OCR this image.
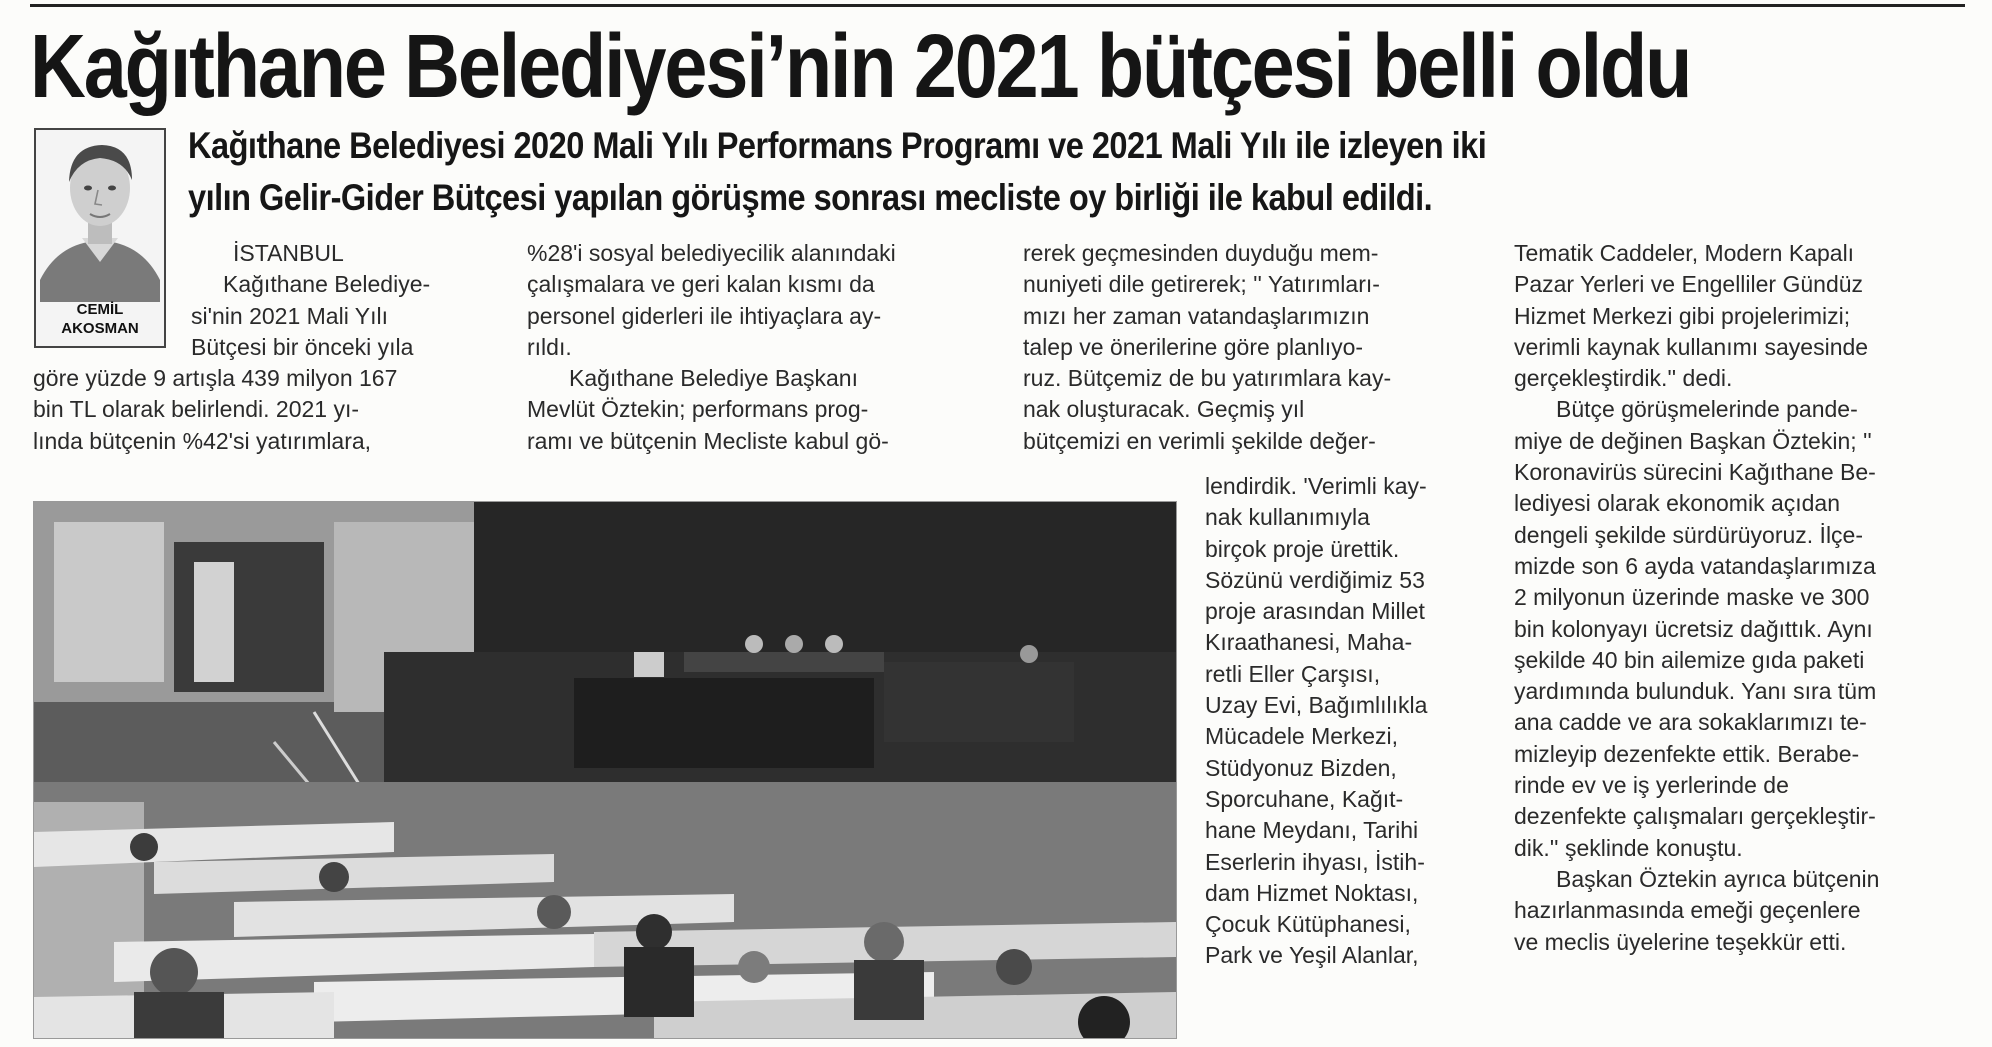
Kağıthane Belediyesi’nin 2021 bütçesi belli oldu
CEMİL
AKOSMAN
Kağıthane Belediyesi 2020 Mali Yılı Performans Programı ve 2021 Mali Yılı ile izleyen iki
yılın Gelir-Gider Bütçesi yapılan görüşme sonrası mecliste oy birliği ile kabul edildi.
İSTANBUL
Kağıthane Belediye-
si'nin 2021 Mali Yılı
Bütçesi bir önceki yıla
göre yüzde 9 artışla 439 milyon 167
bin TL olarak belirlendi. 2021 yı-
lında bütçenin %42'si yatırımlara,
%28'i sosyal belediyecilik alanındaki
çalışmalara ve geri kalan kısmı da
personel giderleri ile ihtiyaçlara ay-
rıldı.
Kağıthane Belediye Başkanı
Mevlüt Öztekin; performans prog-
ramı ve bütçenin Mecliste kabul gö-
rerek geçmesinden duyduğu mem-
nuniyeti dile getirerek; '' Yatırımları-
mızı her zaman vatandaşlarımızın
talep ve önerilerine göre planlıyo-
ruz. Bütçemiz de bu yatırımlara kay-
nak oluşturacak. Geçmiş yıl
bütçemizi en verimli şekilde değer-
lendirdik. 'Verimli kay-
nak kullanımıyla
birçok proje ürettik.
Sözünü verdiğimiz 53
proje arasından Millet
Kıraathanesi, Maha-
retli Eller Çarşısı,
Uzay Evi, Bağımlılıkla
Mücadele Merkezi,
Stüdyonuz Bizden,
Sporcuhane, Kağıt-
hane Meydanı, Tarihi
Eserlerin ihyası, İstih-
dam Hizmet Noktası,
Çocuk Kütüphanesi,
Park ve Yeşil Alanlar,
Tematik Caddeler, Modern Kapalı
Pazar Yerleri ve Engelliler Gündüz
Hizmet Merkezi gibi projelerimizi;
verimli kaynak kullanımı sayesinde
gerçekleştirdik.'' dedi.
Bütçe görüşmelerinde pande-
miye de değinen Başkan Öztekin; ''
Koronavirüs sürecini Kağıthane Be-
lediyesi olarak ekonomik açıdan
dengeli şekilde sürdürüyoruz. İlçe-
mizde son 6 ayda vatandaşlarımıza
2 milyonun üzerinde maske ve 300
bin kolonyayı ücretsiz dağıttık. Aynı
şekilde 40 bin ailemize gıda paketi
yardımında bulunduk. Yanı sıra tüm
ana cadde ve ara sokaklarımızı te-
mizleyip dezenfekte ettik. Berabe-
rinde ev ve iş yerlerinde de
dezenfekte çalışmaları gerçekleştir-
dik.'' şeklinde konuştu.
Başkan Öztekin ayrıca bütçenin
hazırlanmasında emeği geçenlere
ve meclis üyelerine teşekkür etti.
